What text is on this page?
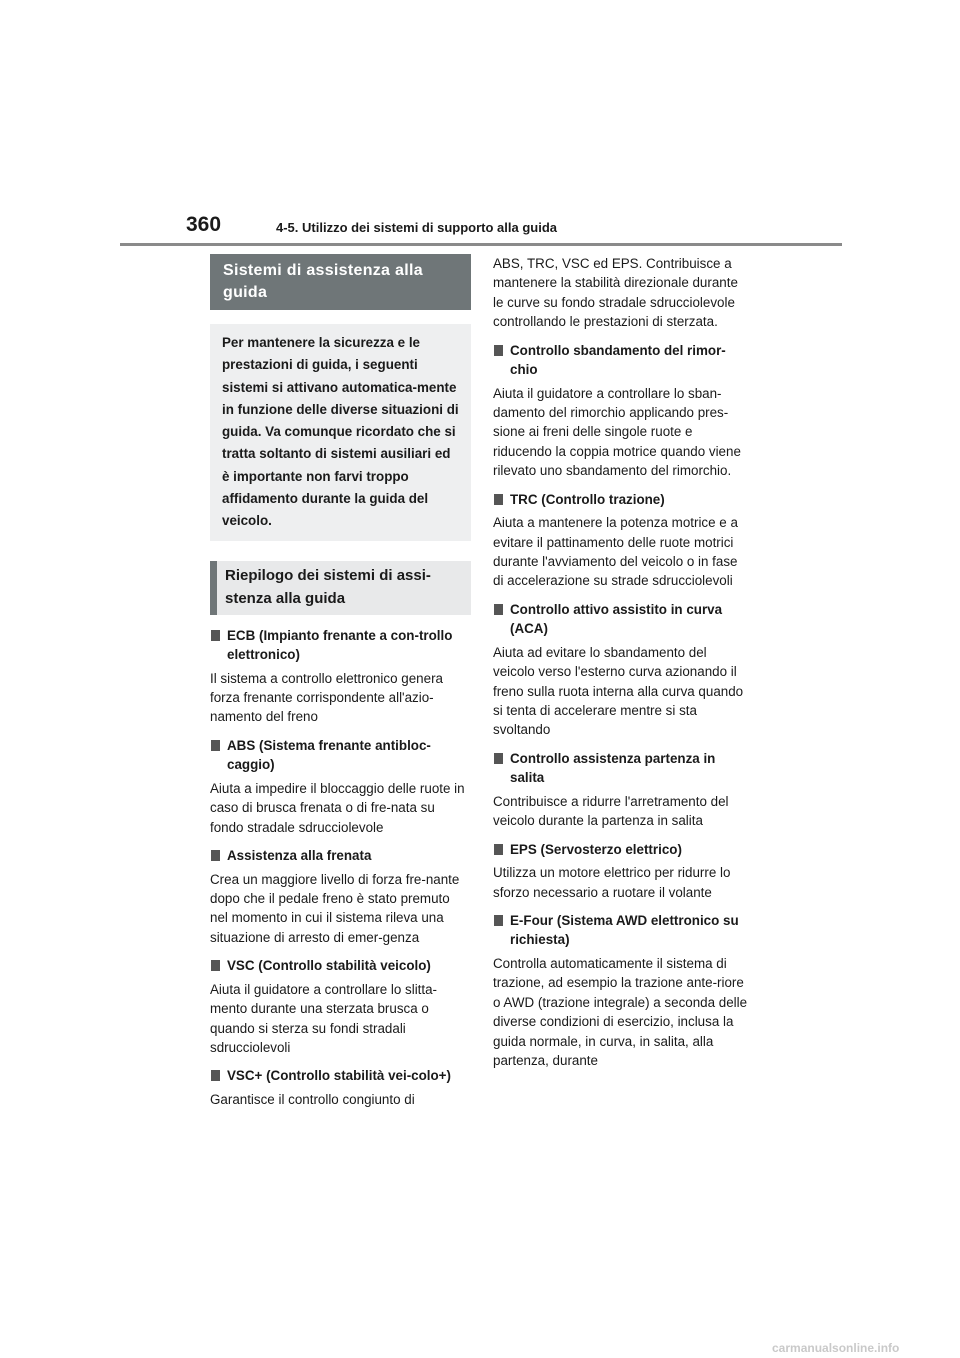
360	4-5. Utilizzo dei sistemi di supporto alla guida
Sistemi di assistenza alla guida
Per mantenere la sicurezza e le prestazioni di guida, i seguenti sistemi si attivano automatica-mente in funzione delle diverse situazioni di guida. Va comunque ricordato che si tratta soltanto di sistemi ausiliari ed è importante non farvi troppo affidamento durante la guida del veicolo.
Riepilogo dei sistemi di assi-stenza alla guida
ECB (Impianto frenante a con-trollo elettronico)
Il sistema a controllo elettronico genera forza frenante corrispondente all'azio-namento del freno
ABS (Sistema frenante antibloc-caggio)
Aiuta a impedire il bloccaggio delle ruote in caso di brusca frenata o di fre-nata su fondo stradale sdrucciolevole
Assistenza alla frenata
Crea un maggiore livello di forza fre-nante dopo che il pedale freno è stato premuto nel momento in cui il sistema rileva una situazione di arresto di emer-genza
VSC (Controllo stabilità veicolo)
Aiuta il guidatore a controllare lo slitta-mento durante una sterzata brusca o quando si sterza su fondi stradali sdrucciolevoli
VSC+ (Controllo stabilità vei-colo+)
Garantisce il controllo congiunto di
ABS, TRC, VSC ed EPS. Contribuisce a mantenere la stabilità direzionale durante le curve su fondo stradale sdrucciolevole controllando le prestazioni di sterzata.
Controllo sbandamento del rimor-chio
Aiuta il guidatore a controllare lo sban-damento del rimorchio applicando pres-sione ai freni delle singole ruote e riducendo la coppia motrice quando viene rilevato uno sbandamento del rimorchio.
TRC (Controllo trazione)
Aiuta a mantenere la potenza motrice e a evitare il pattinamento delle ruote motrici durante l'avviamento del veicolo o in fase di accelerazione su strade sdrucciolevoli
Controllo attivo assistito in curva (ACA)
Aiuta ad evitare lo sbandamento del veicolo verso l'esterno curva azionando il freno sulla ruota interna alla curva quando si tenta di accelerare mentre si sta svoltando
Controllo assistenza partenza in salita
Contribuisce a ridurre l'arretramento del veicolo durante la partenza in salita
EPS (Servosterzo elettrico)
Utilizza un motore elettrico per ridurre lo sforzo necessario a ruotare il volante
E-Four (Sistema AWD elettronico su richiesta)
Controlla automaticamente il sistema di trazione, ad esempio la trazione ante-riore o AWD (trazione integrale) a seconda delle diverse condizioni di esercizio, inclusa la guida normale, in curva, in salita, alla partenza, durante
carmanualsonline.info
